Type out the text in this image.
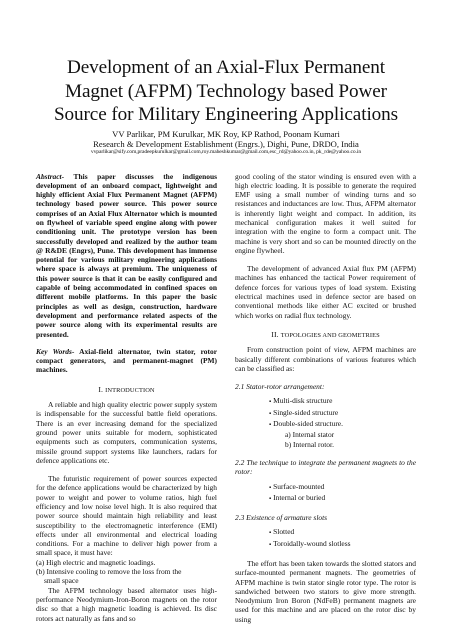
Development of an Axial-Flux Permanent
Magnet (AFPM) Technology based Power
Source for Military Engineering Applications
VV Parlikar, PM Kurulkar, MK Roy, KP Rathod, Poonam Kumari
Research & Development Establishment (Engrs.), Dighi, Pune, DRDO, India
vvparlikar@sify.com,pradeepkurulkar@gmail.com,roy.maheshkumar@gmail.com,esc_rd@yahoo.co.in, pk_rde@yahoo.co.in

Abstract- This paper discusses the indigenous development of an onboard compact, lightweight and highly efficient Axial Flux Permanent Magnet (AFPM) technology based power source. This power source comprises of an Axial Flux Alternator which is mounted on flywheel of variable speed engine along with power conditioning unit. The prototype version has been successfully developed and realized by the author team @ R&DE (Engrs), Pune. This development has immense potential for various military engineering applications where space is always at premium. The uniqueness of this power source is that it can be easily configured and capable of being accommodated in confined spaces on different mobile platforms. In this paper the basic principles as well as design, construction, hardware development and performance related aspects of the power source along with its experimental results are presented.

Key Words- Axial-field alternator, twin stator, rotor compact generators, and permanent-magnet (PM) machines.

I. INTRODUCTION

A reliable and high quality electric power supply system is indispensable for the successful battle field operations. There is an ever increasing demand for the specialized ground power units suitable for modern, sophisticated equipments such as computers, communication systems, missile ground support systems like launchers, radars for defence applications etc.

The futuristic requirement of power sources expected for the defence applications would be characterized by high power to weight and power to volume ratios, high fuel efficiency and low noise level high. It is also required that power source should maintain high reliability and least susceptibility to the electromagnetic interference (EMI) effects under all environmental and electrical loading conditions. For a machine to deliver high power from a small space, it must have:

(a) High electric and magnetic loadings.
(b) Intensive cooling to remove the loss from the
small space

The AFPM technology based alternator uses high-performance Neodymium-Iron-Boron magnets on the rotor disc so that a high magnetic loading is achieved. Its disc rotors act naturally as fans and so

good cooling of the stator winding is ensured even with a high electric loading. It is possible to generate the required EMF using a small number of winding turns and so resistances and inductances are low. Thus, AFPM alternator is inherently light weight and compact. In addition, its mechanical configuration makes it well suited for integration with the engine to form a compact unit. The machine is very short and so can be mounted directly on the engine flywheel.

The development of advanced Axial flux PM (AFPM) machines has enhanced the tactical Power requirement of defence forces for various types of load system. Existing electrical machines used in defence sector are based on conventional methods like either AC excited or brushed which works on radial flux technology.

II. TOPOLOGIES AND GEOMETRIES

From construction point of view, AFPM machines are basically different combinations of various features which can be classified as:

2.1 Stator-rotor arrangement:
▪ Multi-disk structure
▪ Single-sided structure
▪ Double-sided structure.
a) Internal stator
b) Internal rotor.
2.2 The technique to integrate the permanent magnets to the rotor:
▪ Surface-mounted
▪ Internal or buried
2.3 Existence of armature slots
▪ Slotted
▪ Toroidally-wound slotless

The effort has been taken towards the slotted stators and surface-mounted permanent magnets. The geometries of AFPM machine is twin stator single rotor type. The rotor is sandwiched between two stators to give more strength. Neodymium Iron Boron (NdFeB) permanent magnets are used for this machine and are placed on the rotor disc by using
